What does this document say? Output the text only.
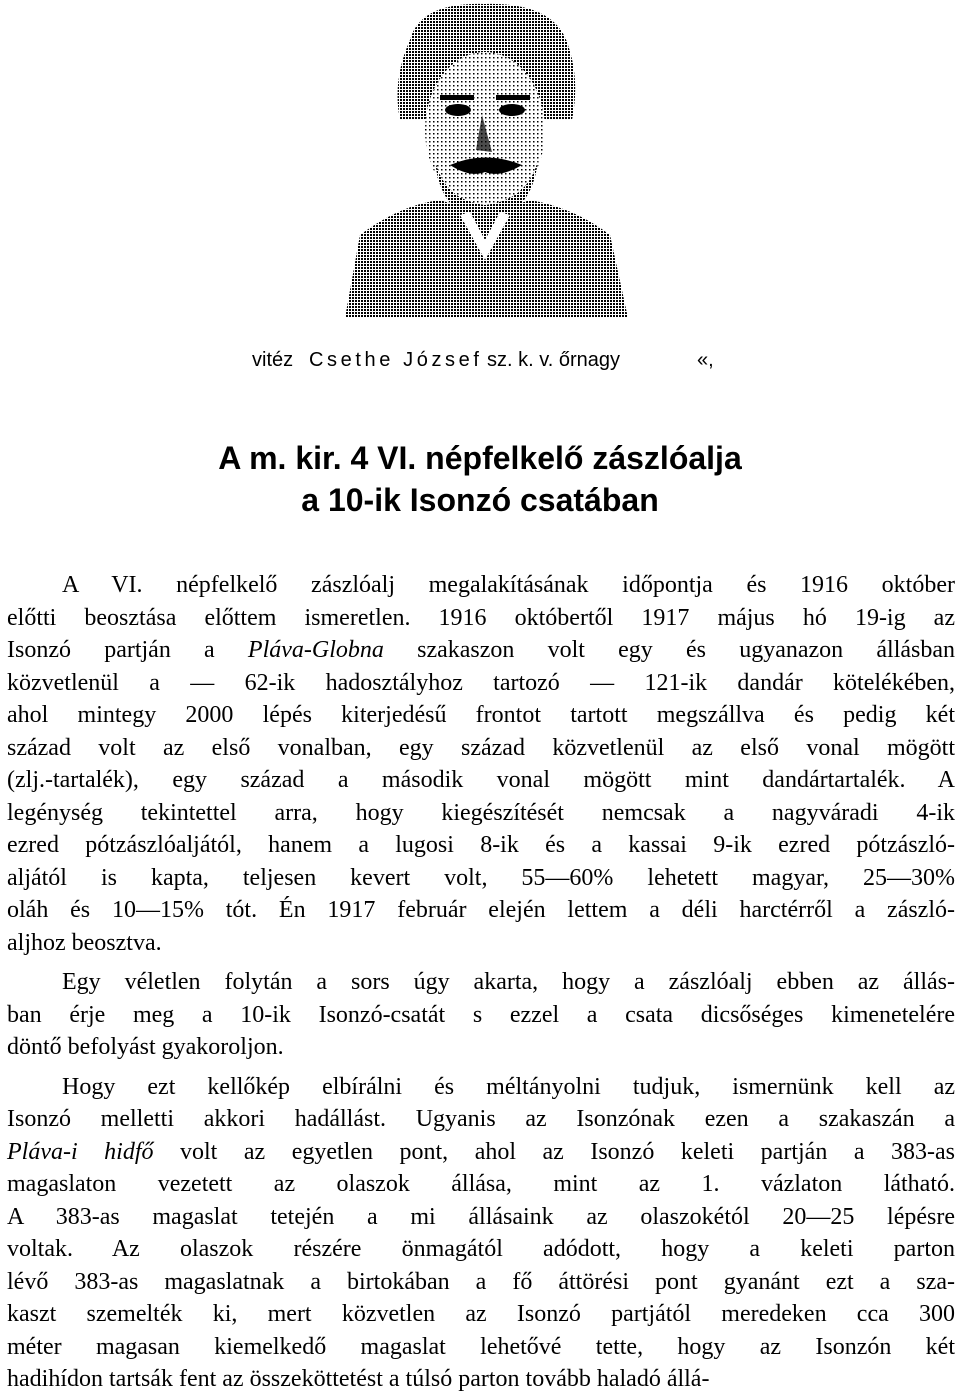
vitéz Csethe József sz. k. v. őrnagy	«,
A m. kir. 4 VI. népfelkelő zászlóalja
a 10-ik Isonzó csatában
A VI. népfelkelő zászlóalj megalakításának időpontja és 1916 október
előtti beosztása előttem ismeretlen. 1916 októbertől 1917 május hó 19-ig az
Isonzó partján a Pláva-Globna szakaszon volt egy és ugyanazon állásban
közvetlenül a — 62-ik hadosztályhoz tartozó — 121-ik dandár kötelékében,
ahol mintegy 2000 lépés kiterjedésű frontot tartott megszállva és pedig két
század volt az első vonalban, egy század közvetlenül az első vonal mögött
(zlj.-tartalék), egy század a második vonal mögött mint dandártartalék. A
legénység tekintettel arra, hogy kiegészítését nemcsak a nagyváradi 4-ik
ezred pótzászlóaljától, hanem a lugosi 8-ik és a kassai 9-ik ezred pótzászló-
aljától is kapta, teljesen kevert volt, 55—60% lehetett magyar, 25—30%
oláh és 10—15% tót. Én 1917 február elején lettem a déli harctérről a zászló-
aljhoz beosztva.
Egy véletlen folytán a sors úgy akarta, hogy a zászlóalj ebben az állás-
ban érje meg a 10-ik Isonzó-csatát s ezzel a csata dicsőséges kimenetelére
döntő befolyást gyakoroljon.
Hogy ezt kellőkép elbírálni és méltányolni tudjuk, ismernünk kell az
Isonzó melletti akkori hadállást. Ugyanis az Isonzónak ezen a szakaszán a
Pláva-i hidfő volt az egyetlen pont, ahol az Isonzó keleti partján a 383-as
magaslaton vezetett az olaszok állása, mint az 1. vázlaton látható.
A 383-as magaslat tetején a mi állásaink az olaszokétól 20—25 lépésre
voltak. Az olaszok részére önmagától adódott, hogy a keleti parton
lévő 383-as magaslatnak a birtokában a fő áttörési pont gyanánt ezt a sza-
kaszt szemelték ki, mert közvetlen az Isonzó partjától meredeken cca 300
méter magasan kiemelkedő magaslat lehetővé tette, hogy az Isonzón két
hadihídon tartsák fent az összeköttetést a túlsó parton tovább haladó állá-
